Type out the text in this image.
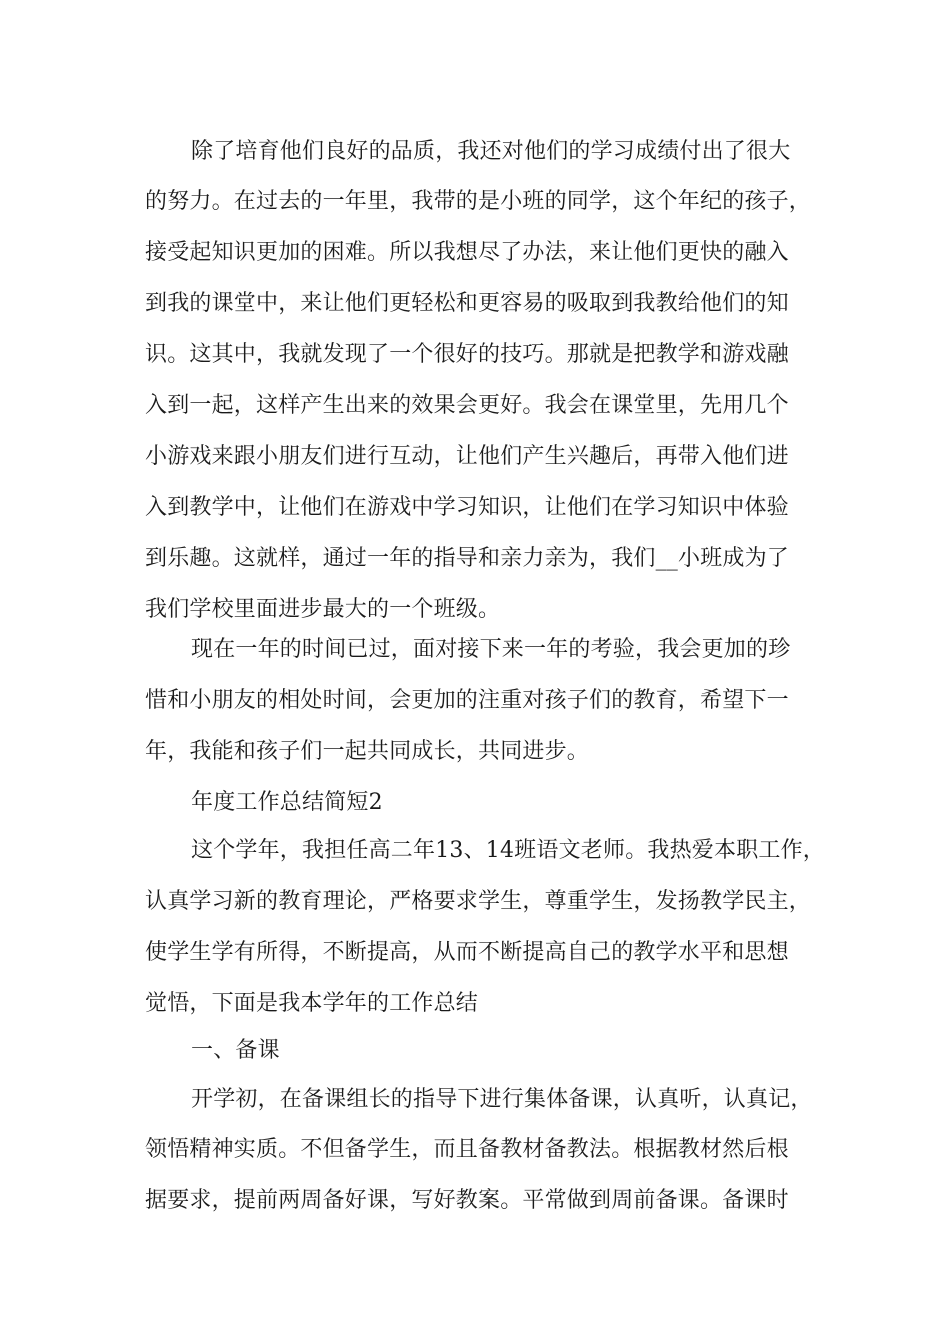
除了培育他们良好的品质，我还对他们的学习成绩付出了很大
的努力。在过去的一年里，我带的是小班的同学，这个年纪的孩子，
接受起知识更加的困难。所以我想尽了办法，来让他们更快的融入
到我的课堂中，来让他们更轻松和更容易的吸取到我教给他们的知
识。这其中，我就发现了一个很好的技巧。那就是把教学和游戏融
入到一起，这样产生出来的效果会更好。我会在课堂里，先用几个
小游戏来跟小朋友们进行互动，让他们产生兴趣后，再带入他们进
入到教学中，让他们在游戏中学习知识，让他们在学习知识中体验
到乐趣。这就样，通过一年的指导和亲力亲为，我们__小班成为了
我们学校里面进步最大的一个班级。
现在一年的时间已过，面对接下来一年的考验，我会更加的珍
惜和小朋友的相处时间，会更加的注重对孩子们的教育，希望下一
年，我能和孩子们一起共同成长，共同进步。
年度工作总结简短2
这个学年，我担任高二年13、14班语文老师。我热爱本职工作，
认真学习新的教育理论，严格要求学生，尊重学生，发扬教学民主，
使学生学有所得，不断提高，从而不断提高自己的教学水平和思想
觉悟，下面是我本学年的工作总结
一、备课
开学初，在备课组长的指导下进行集体备课，认真听，认真记，
领悟精神实质。不但备学生，而且备教材备教法。根据教材然后根
据要求，提前两周备好课，写好教案。平常做到周前备课。备课时
